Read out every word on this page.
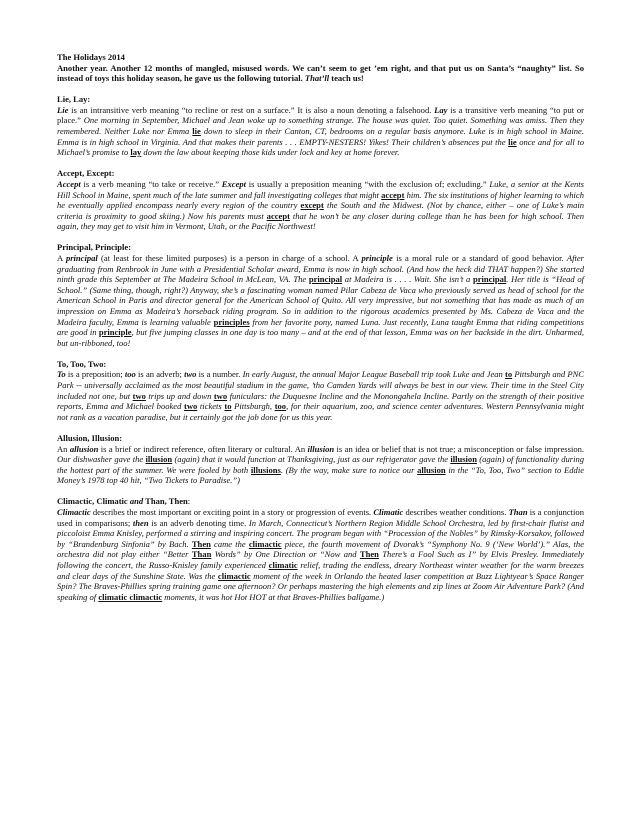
The Holidays 2014

Another year. Another 12 months of mangled, misused words. We can’t seem to get ’em right, and that put us on Santa’s “naughty” list. So instead of toys this holiday season, he gave us the following tutorial. That’ll teach us!

Lie, Lay:

Lie is an intransitive verb meaning “to recline or rest on a surface.” It is also a noun denoting a falsehood. Lay is a transitive verb meaning “to put or place.” One morning in September, Michael and Jean woke up to something strange. The house was quiet. Too quiet. Something was amiss. Then they remembered. Neither Luke nor Emma lie down to sleep in their Canton, CT, bedrooms on a regular basis anymore. Luke is in high school in Maine. Emma is in high school in Virginia. And that makes their parents . . . EMPTY-NESTERS! Yikes! Their children’s absences put the lie once and for all to Michael’s promise to lay down the law about keeping those kids under lock and key at home forever.

Accept, Except:

Accept is a verb meaning “to take or receive.” Except is usually a preposition meaning “with the exclusion of; excluding.” Luke, a senior at the Kents Hill School in Maine, spent much of the late summer and fall investigating colleges that might accept him. The six institutions of higher learning to which he eventually applied encompass nearly every region of the country except the South and the Midwest. (Not by chance, either – one of Luke’s main criteria is proximity to good skiing.) Now his parents must accept that he won’t be any closer during college than he has been for high school. Then again, they may get to visit him in Vermont, Utah, or the Pacific Northwest!

Principal, Principle:

A principal (at least for these limited purposes) is a person in charge of a school. A principle is a moral rule or a standard of good behavior. After graduating from Renbrook in June with a Presidential Scholar award, Emma is now in high school. (And how the heck did THAT happen?) She started ninth grade this September at The Madeira School in McLean, VA. The principal at Madeira is . . . . Wait. She isn’t a principal. Her title is “Head of School.” (Same thing, though, right?) Anyway, she’s a fascinating woman named Pilar Cabeza de Vaca who previously served as head of school for the American School in Paris and director general for the American School of Quito. All very impressive, but not something that has made as much of an impression on Emma as Madeira’s horseback riding program. So in addition to the rigorous academics presented by Ms. Cabeza de Vaca and the Madeira faculty, Emma is learning valuable principles from her favorite pony, named Luna. Just recently, Luna taught Emma that riding competitions are good in principle, but five jumping classes in one day is too many – and at the end of that lesson, Emma was on her backside in the dirt. Unharmed, but un-ribboned, too!

To, Too, Two:

To is a preposition; too is an adverb; two is a number. In early August, the annual Major League Baseball trip took Luke and Jean to Pittsburgh and PNC Park -- universally acclaimed as the most beautiful stadium in the game, ’tho Camden Yards will always be best in our view. Their time in the Steel City included not one, but two trips up and down two funiculars: the Duquesne Incline and the Monongahela Incline. Partly on the strength of their positive reports, Emma and Michael booked two tickets to Pittsburgh, too, for their aquarium, zoo, and science center adventures. Western Pennsylvania might not rank as a vacation paradise, but it certainly got the job done for us this year.

Allusion, Illusion:

An allusion is a brief or indirect reference, often literary or cultural. An illusion is an idea or belief that is not true; a misconception or false impression. Our dishwasher gave the illusion (again) that it would function at Thanksgiving, just as our refrigerator gave the illusion (again) of functionality during the hottest part of the summer. We were fooled by both illusions. (By the way, make sure to notice our allusion in the “To, Too, Two” section to Eddie Money’s 1978 top 40 hit, “Two Tickets to Paradise.”)

Climactic, Climatic and Than, Then:

Climactic describes the most important or exciting point in a story or progression of events. Climatic describes weather conditions. Than is a conjunction used in comparisons; then is an adverb denoting time. In March, Connecticut’s Northern Region Middle School Orchestra, led by first-chair flutist and piccoloist Emma Knisley, performed a stirring and inspiring concert. The program began with “Procession of the Nobles” by Rimsky-Korsakov, followed by “Brandenburg Sinfonia” by Bach. Then came the climactic piece, the fourth movement of Dvorak’s “Symphony No. 9 (‘New World’).” Alas, the orchestra did not play either “Better Than Words” by One Direction or “Now and Then There’s a Fool Such as I” by Elvis Presley. Immediately following the concert, the Russo-Knisley family experienced climatic relief, trading the endless, dreary Northeast winter weather for the warm breezes and clear days of the Sunshine State. Was the climactic moment of the week in Orlando the heated laser competition at Buzz Lightyear’s Space Ranger Spin? The Braves-Phillies spring training game one afternoon? Or perhaps mastering the high elements and zip lines at Zoom Air Adventure Park? (And speaking of climatic climactic moments, it was hot Hot HOT at that Braves-Phillies ballgame.)
